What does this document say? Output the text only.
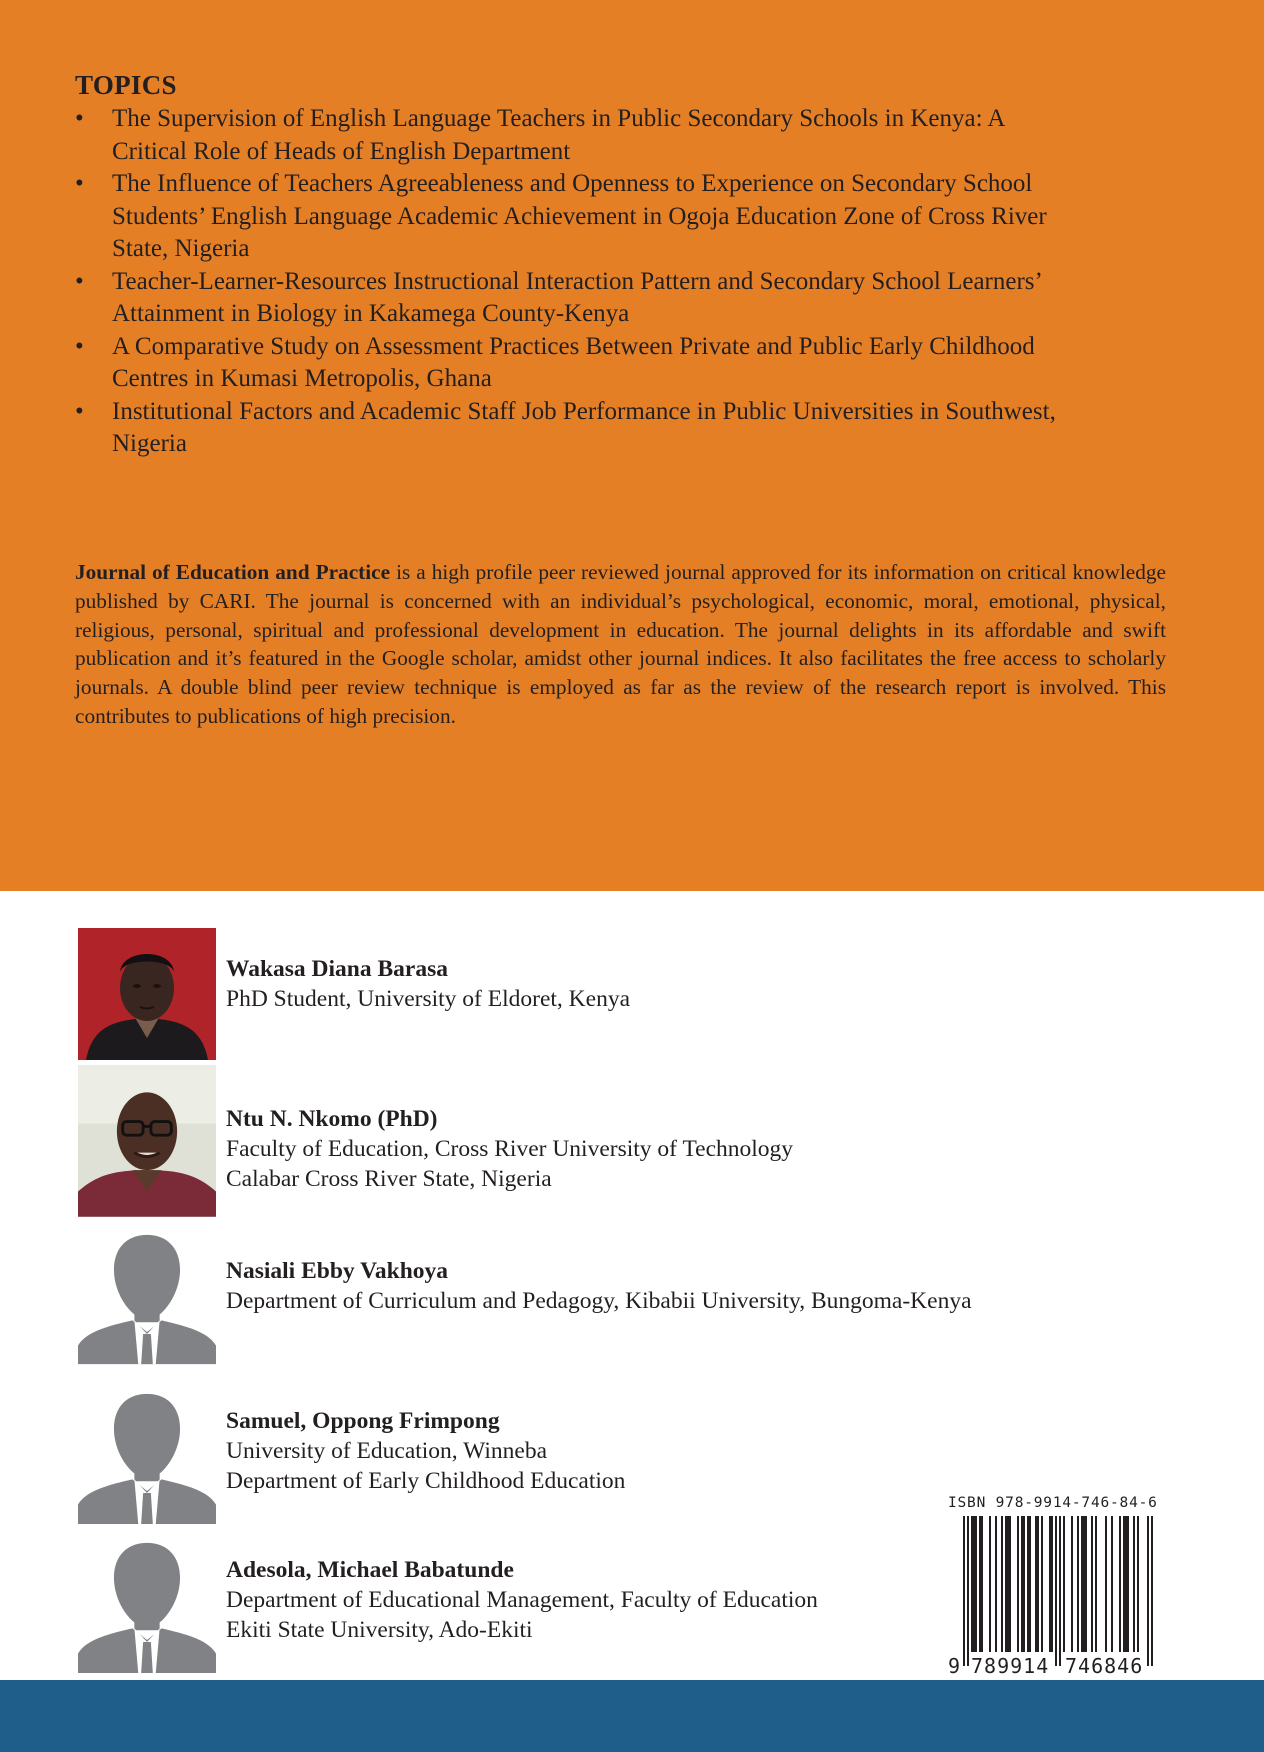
TOPICS
• The Supervision of English Language Teachers in Public Secondary Schools in Kenya: A
Critical Role of Heads of English Department
• The Influence of Teachers Agreeableness and Openness to Experience on Secondary School
Students’ English Language Academic Achievement in Ogoja Education Zone of Cross River
State, Nigeria
• Teacher-Learner-Resources Instructional Interaction Pattern and Secondary School Learners’
Attainment in Biology in Kakamega County-Kenya
• A Comparative Study on Assessment Practices Between Private and Public Early Childhood
Centres in Kumasi Metropolis, Ghana
• Institutional Factors and Academic Staff Job Performance in Public Universities in Southwest,
Nigeria
Journal of Education and Practice is a high profile peer reviewed journal approved for its information on critical knowledge published by CARI. The journal is concerned with an individual’s psychological, economic, moral, emotional, physical, religious, personal, spiritual and professional development in education. The journal delights in its affordable and swift publication and it’s featured in the Google scholar, amidst other journal indices. It also facilitates the free access to scholarly journals. A double blind peer review technique is employed as far as the review of the research report is involved. This contributes to publications of high precision.
Wakasa Diana Barasa
PhD Student, University of Eldoret, Kenya
Ntu N. Nkomo (PhD)
Faculty of Education, Cross River University of Technology
Calabar Cross River State, Nigeria
Nasiali Ebby Vakhoya
Department of Curriculum and Pedagogy, Kibabii University, Bungoma-Kenya
Samuel, Oppong Frimpong
University of Education, Winneba
Department of Early Childhood Education
Adesola, Michael Babatunde
Department of Educational Management, Faculty of Education
Ekiti State University, Ado-Ekiti
ISBN 978-9914-746-84-6
9 789914 746846
